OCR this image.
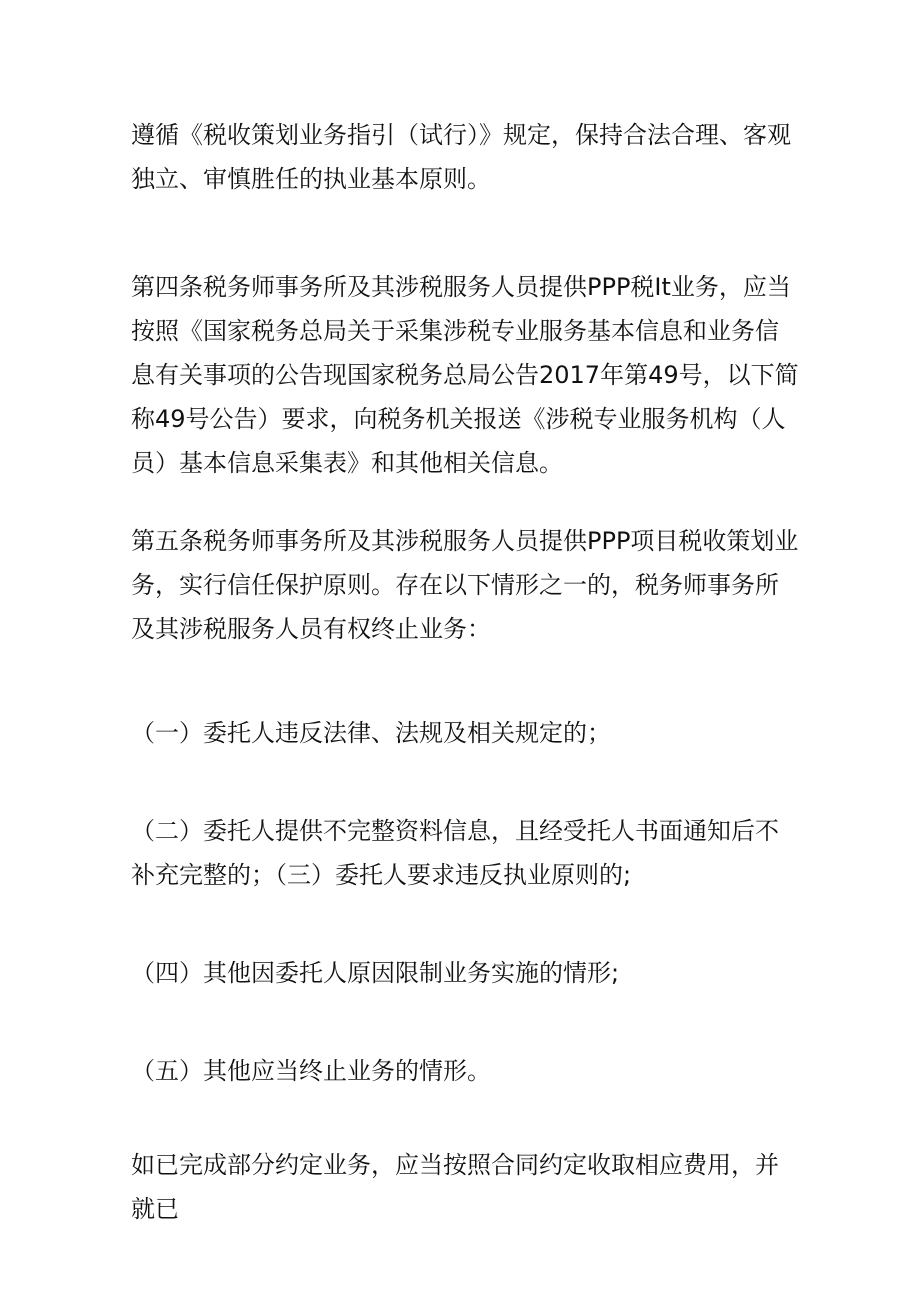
遵循《税收策划业务指引（试行）》规定，保持合法合理、客观独立、审慎胜任的执业基本原则。

第四条税务师事务所及其涉税服务人员提供PPP税It业务，应当按照《国家税务总局关于采集涉税专业服务基本信息和业务信息有关事项的公告现国家税务总局公告2017年第49号，以下简称49号公告）要求，向税务机关报送《涉税专业服务机构（人员）基本信息采集表》和其他相关信息。

第五条税务师事务所及其涉税服务人员提供PPP项目税收策划业务，实行信任保护原则。存在以下情形之一的，税务师事务所及其涉税服务人员有权终止业务：

（一）委托人违反法律、法规及相关规定的；

（二）委托人提供不完整资料信息，且经受托人书面通知后不补充完整的；（三）委托人要求违反执业原则的;

（四）其他因委托人原因限制业务实施的情形;

（五）其他应当终止业务的情形。

如已完成部分约定业务，应当按照合同约定收取相应费用，并就已
